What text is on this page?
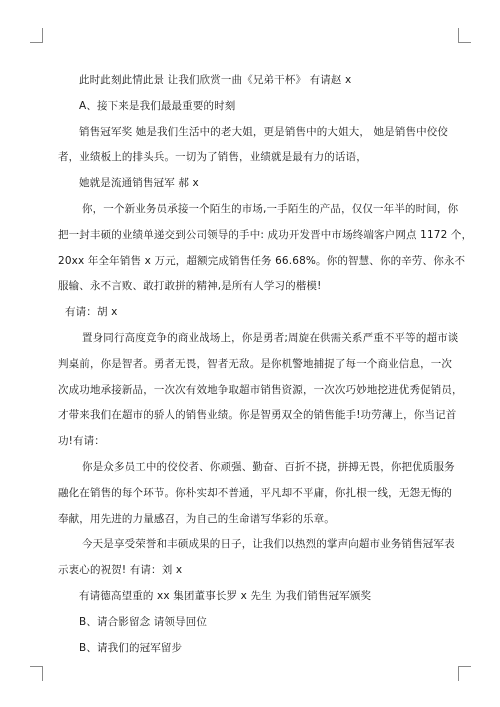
此时此刻此情此景 让我们欣赏一曲《兄弟干杯》 有请赵 x
A、接下来是我们最最重要的时刻
销售冠军奖 她是我们生活中的老大姐，更是销售中的大姐大， 她是销售中佼佼
者，业绩板上的排头兵。一切为了销售，业绩就是最有力的话语，
她就是流通销售冠军 郝 x
你，一个新业务员承接一个陌生的市场,一手陌生的产品，仅仅一年半的时间，你
把一封丰硕的业绩单递交到公司领导的手中: 成功开发晋中市场终端客户网点 1172 个，
20xx 年全年销售 x 万元，超额完成销售任务 66.68%。你的智慧、你的辛劳、你永不
服输、永不言败、敢打敢拼的精神,是所有人学习的楷模!
有请：胡 x
置身同行高度竞争的商业战场上，你是勇者;周旋在供需关系严重不平等的超市谈
判桌前，你是智者。勇者无畏，智者无敌。是你机警地捕捉了每一个商业信息，一次
次成功地承接新品，一次次有效地争取超市销售资源，一次次巧妙地挖进优秀促销员，
才带来我们在超市的骄人的销售业绩。你是智勇双全的销售能手!功劳薄上，你当记首
功!有请：
你是众多员工中的佼佼者、你顽强、勤奋、百折不挠，拼搏无畏，你把优质服务
融化在销售的每个环节。你朴实却不普通，平凡却不平庸，你扎根一线，无怨无悔的
奉献，用先进的力量感召，为自己的生命谱写华彩的乐章。
今天是享受荣誉和丰硕成果的日子，让我们以热烈的掌声向超市业务销售冠军表
示衷心的祝贺! 有请：刘 x
有请德高望重的 xx 集团董事长罗 x 先生 为我们销售冠军颁奖
B、请合影留念 请领导回位
B、请我们的冠军留步
